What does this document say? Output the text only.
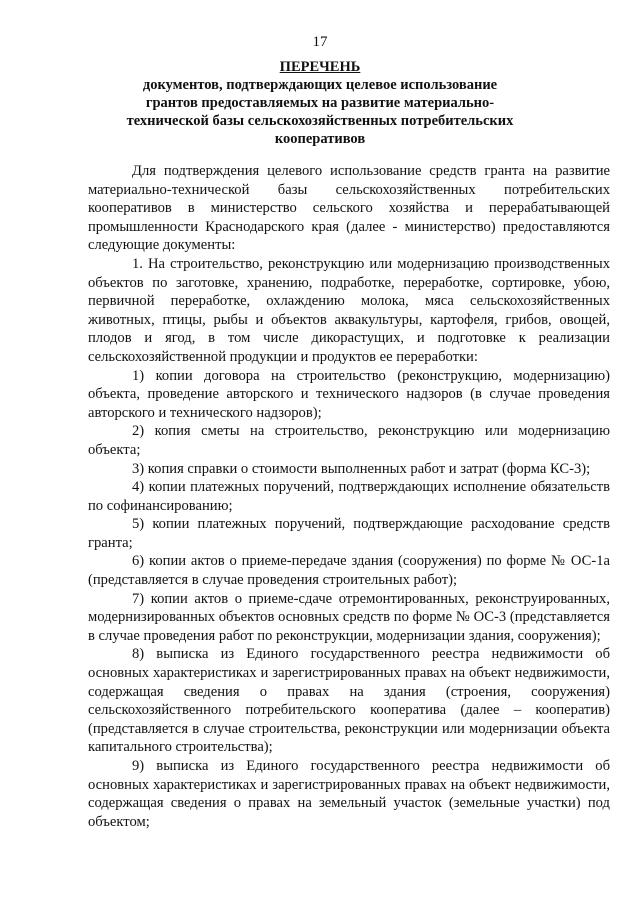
17
ПЕРЕЧЕНЬ
документов, подтверждающих целевое использование
грантов предоставляемых на развитие материально-
технической базы сельскохозяйственных потребительских
кооперативов

Для подтверждения целевого использование средств гранта на развитие материально-технической базы сельскохозяйственных потребительских кооперативов в министерство сельского хозяйства и перерабатывающей промышленности Краснодарского края (далее - министерство) предоставляются следующие документы:

1. На строительство, реконструкцию или модернизацию производственных объектов по заготовке, хранению, подработке, переработке, сортировке, убою, первичной переработке, охлаждению молока, мяса сельскохозяйственных животных, птицы, рыбы и объектов аквакультуры, картофеля, грибов, овощей, плодов и ягод, в том числе дикорастущих, и подготовке к реализации сельскохозяйственной продукции и продуктов ее переработки:

1) копии договора на строительство (реконструкцию, модернизацию) объекта, проведение авторского и технического надзоров (в случае проведения авторского и технического надзоров);

2) копия сметы на строительство, реконструкцию или модернизацию объекта;

3) копия справки о стоимости выполненных работ и затрат (форма КС-3);

4) копии платежных поручений, подтверждающих исполнение обязательств по софинансированию;

5) копии платежных поручений, подтверждающие расходование средств гранта;

6) копии актов о приеме-передаче здания (сооружения) по форме № ОС-1а (представляется в случае проведения строительных работ);

7) копии актов о приеме-сдаче отремонтированных, реконструированных, модернизированных объектов основных средств по форме № ОС-3 (представляется в случае проведения работ по реконструкции, модернизации здания, сооружения);

8) выписка из Единого государственного реестра недвижимости об основных характеристиках и зарегистрированных правах на объект недвижимости, содержащая сведения о правах на здания (строения, сооружения) сельскохозяйственного потребительского кооператива (далее – кооператив) (представляется в случае строительства, реконструкции или модернизации объекта капитального строительства);

9) выписка из Единого государственного реестра недвижимости об основных характеристиках и зарегистрированных правах на объект недвижимости, содержащая сведения о правах на земельный участок (земельные участки) под объектом;
